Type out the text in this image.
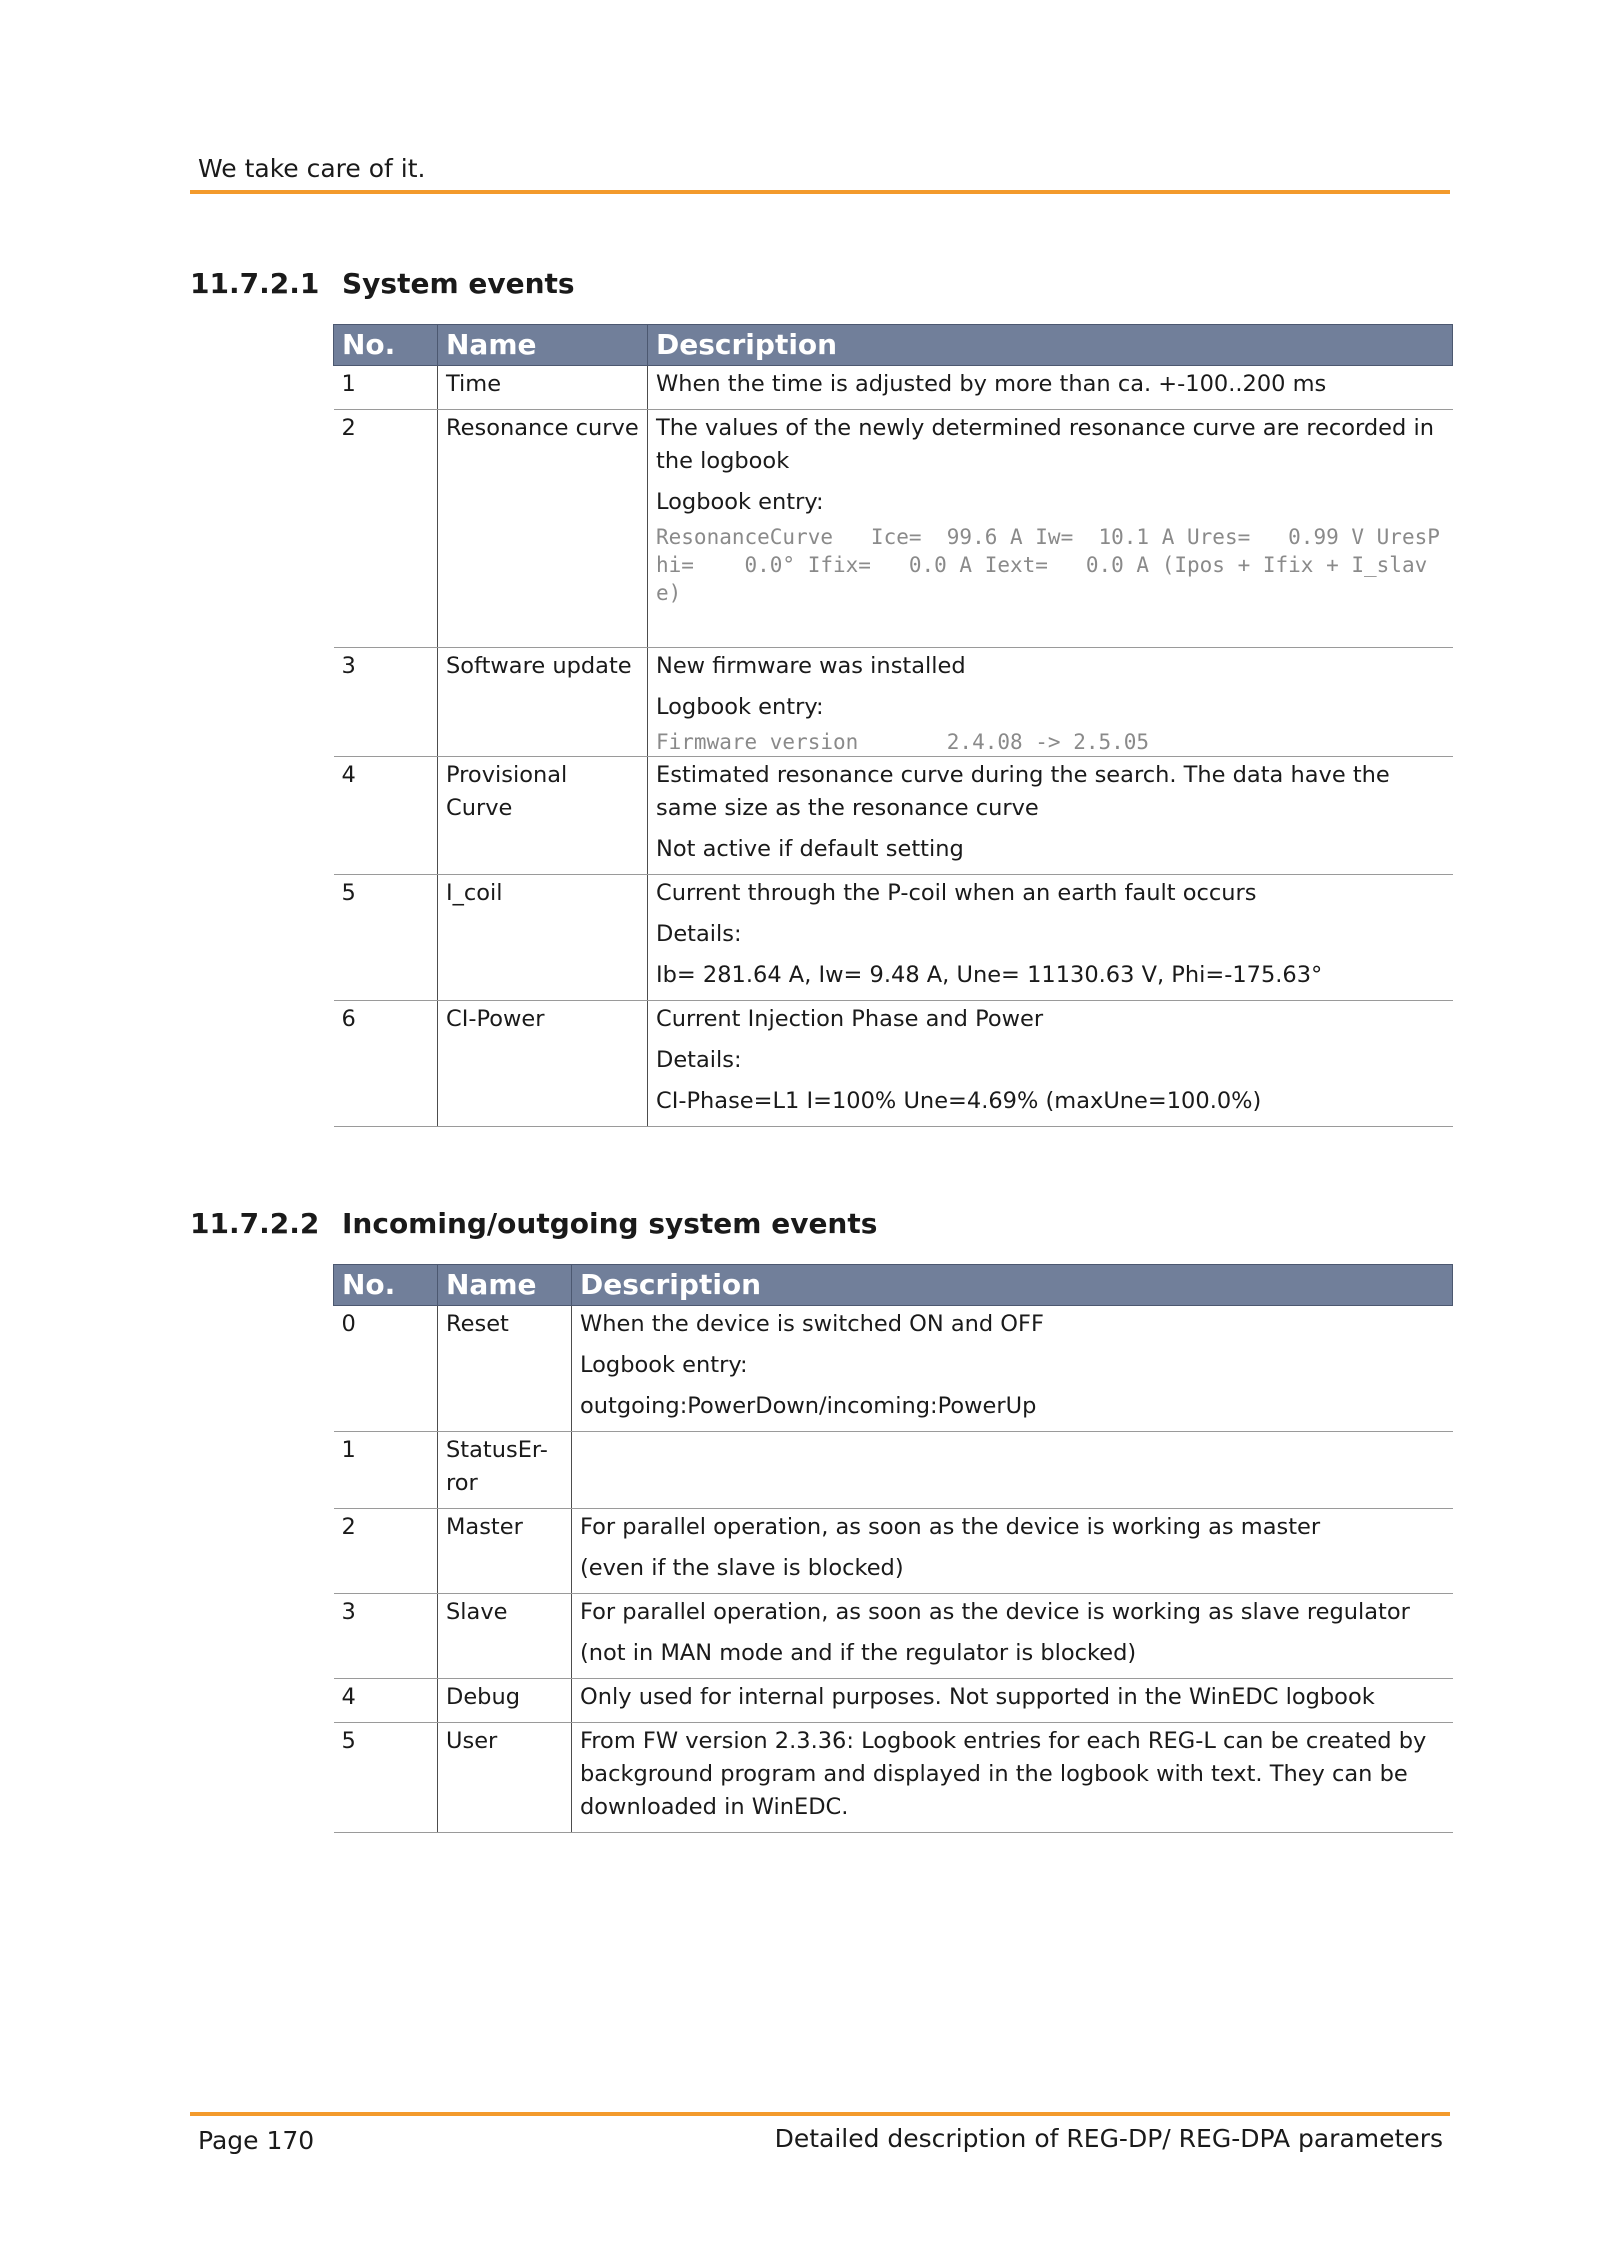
We take care of it.
11.7.2.1 System events
No.	Name	Description
1	Time	When the time is adjusted by more than ca. +-100..200 ms

2	Resonance curve	The values of the newly determined resonance curve are recorded in the logbook
Logbook entry:
ResonanceCurve   Ice=  99.6 A Iw=  10.1 A Ures=   0.99 V UresPhi=    0.0° Ifix=   0.0 A Iext=   0.0 A (Ipos + Ifix + I_slave)

3	Software update	New firmware was installed
Logbook entry:
Firmware version       2.4.08 -> 2.5.05

4	Provisional Curve	Estimated resonance curve during the search. The data have the same size as the resonance curve
Not active if default setting

5	I_coil	Current through the P-coil when an earth fault occurs
Details:
Ib= 281.64 A, Iw= 9.48 A, Une= 11130.63 V, Phi=-175.63°

6	CI-Power	Current Injection Phase and Power
Details:
CI-Phase=L1 I=100% Une=4.69% (maxUne=100.0%)
11.7.2.2 Incoming/outgoing system events
No.	Name	Description
0	Reset	When the device is switched ON and OFF
Logbook entry:
outgoing:PowerDown/incoming:PowerUp

1	StatusEr-
ror	

2	Master	For parallel operation, as soon as the device is working as master
(even if the slave is blocked)

3	Slave	For parallel operation, as soon as the device is working as slave regulator
(not in MAN mode and if the regulator is blocked)

4	Debug	Only used for internal purposes. Not supported in the WinEDC logbook
5	User	From FW version 2.3.36: Logbook entries for each REG-L can be created by background program and displayed in the logbook with text. They can be downloaded in WinEDC.
Page 170	Detailed description of REG-DP/ REG-DPA parameters
